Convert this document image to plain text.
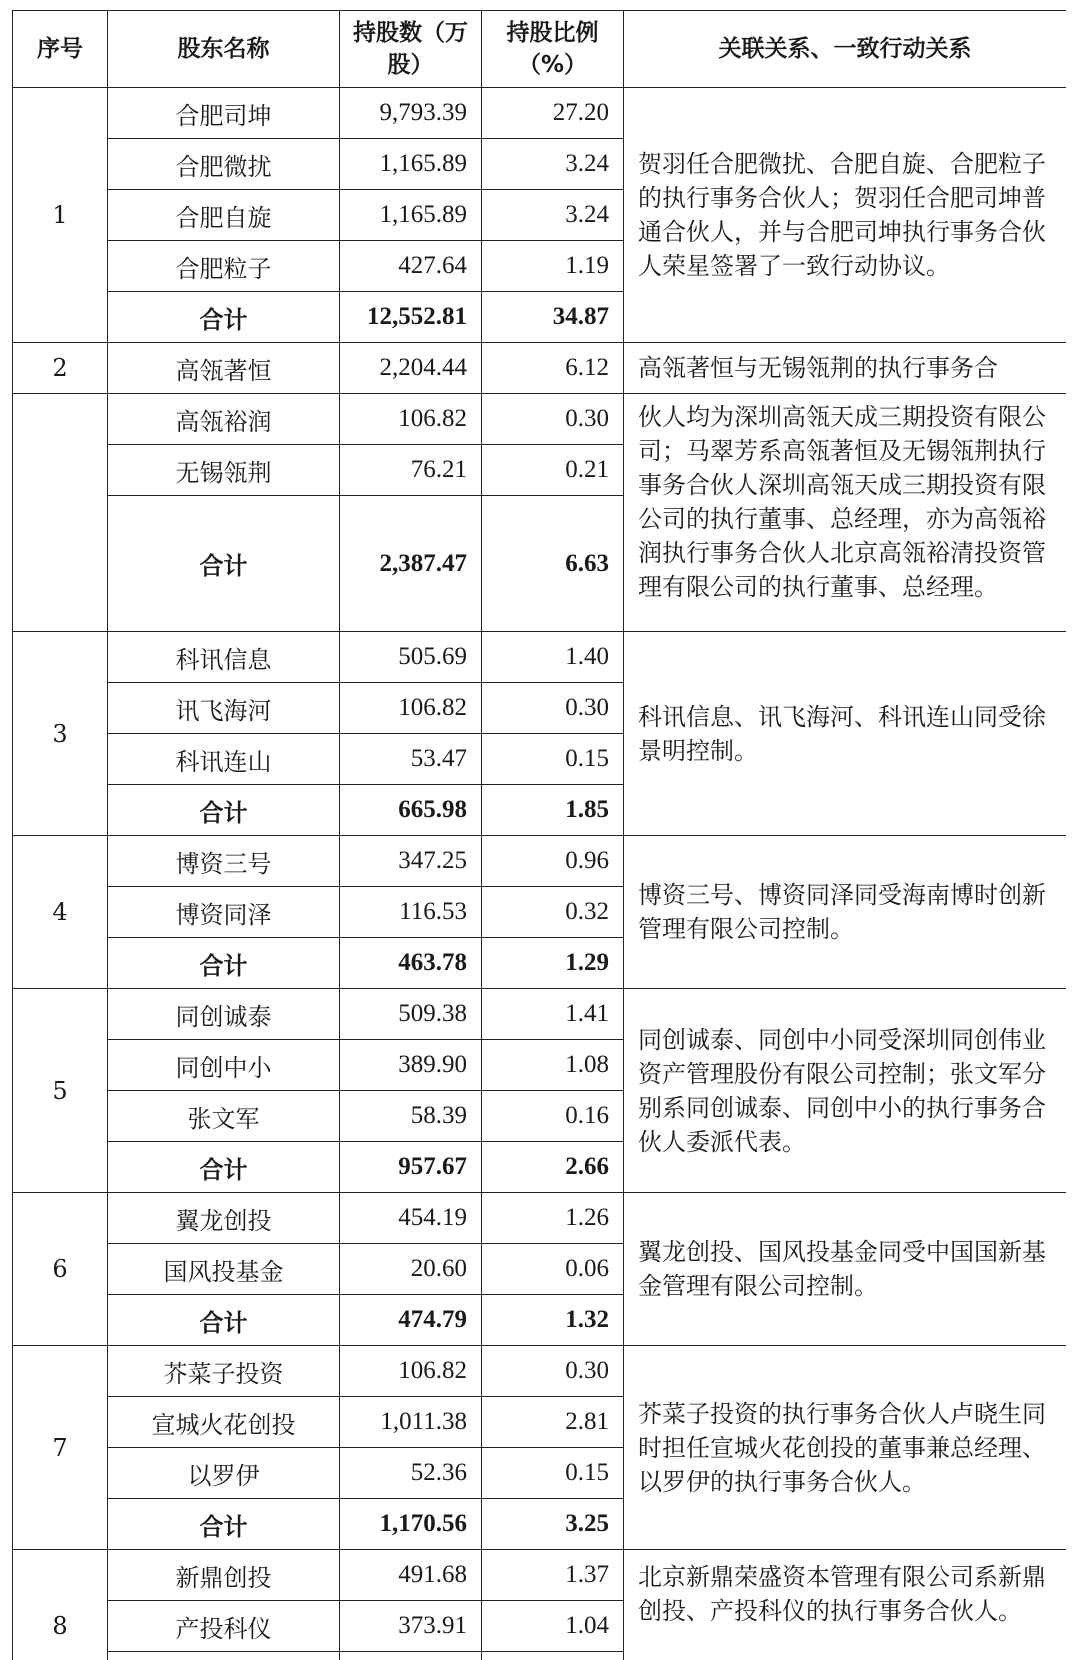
序号	股东名称	持股数（万股）	持股比例（%）	关联关系、一致行动关系
1	合肥司坤	9,793.39	27.20	贺羽任合肥微扰、合肥自旋、合肥粒子的执行事务合伙人；贺羽任合肥司坤普通合伙人，并与合肥司坤执行事务合伙人荣星签署了一致行动协议。
	合肥微扰	1,165.89	3.24	
	合肥自旋	1,165.89	3.24	
	合肥粒子	427.64	1.19	
	合计	12,552.81	34.87	
2	高瓴著恒	2,204.44	6.12	高瓴著恒与无锡瓴荆的执行事务合
	高瓴裕润	106.82	0.30	伙人均为深圳高瓴天成三期投资有限公司；马翠芳系高瓴著恒及无锡瓴荆执行事务合伙人深圳高瓴天成三期投资有限公司的执行董事、总经理，亦为高瓴裕润执行事务合伙人北京高瓴裕清投资管理有限公司的执行董事、总经理。
	无锡瓴荆	76.21	0.21	
	合计	2,387.47	6.63	
3	科讯信息	505.69	1.40	科讯信息、讯飞海河、科讯连山同受徐景明控制。
	讯飞海河	106.82	0.30	
	科讯连山	53.47	0.15	
	合计	665.98	1.85	
4	博资三号	347.25	0.96	博资三号、博资同泽同受海南博时创新管理有限公司控制。
	博资同泽	116.53	0.32	
	合计	463.78	1.29	
5	同创诚泰	509.38	1.41	同创诚泰、同创中小同受深圳同创伟业资产管理股份有限公司控制；张文军分别系同创诚泰、同创中小的执行事务合伙人委派代表。
	同创中小	389.90	1.08	
	张文军	58.39	0.16	
	合计	957.67	2.66	
6	翼龙创投	454.19	1.26	翼龙创投、国风投基金同受中国国新基金管理有限公司控制。
	国风投基金	20.60	0.06	
	合计	474.79	1.32	
7	芥菜子投资	106.82	0.30	芥菜子投资的执行事务合伙人卢晓生同时担任宣城火花创投的董事兼总经理、以罗伊的执行事务合伙人。
	宣城火花创投	1,011.38	2.81	
	以罗伊	52.36	0.15	
	合计	1,170.56	3.25	
8	新鼎创投	491.68	1.37	北京新鼎荣盛资本管理有限公司系新鼎创投、产投科仪的执行事务合伙人。
	产投科仪	373.91	1.04	
